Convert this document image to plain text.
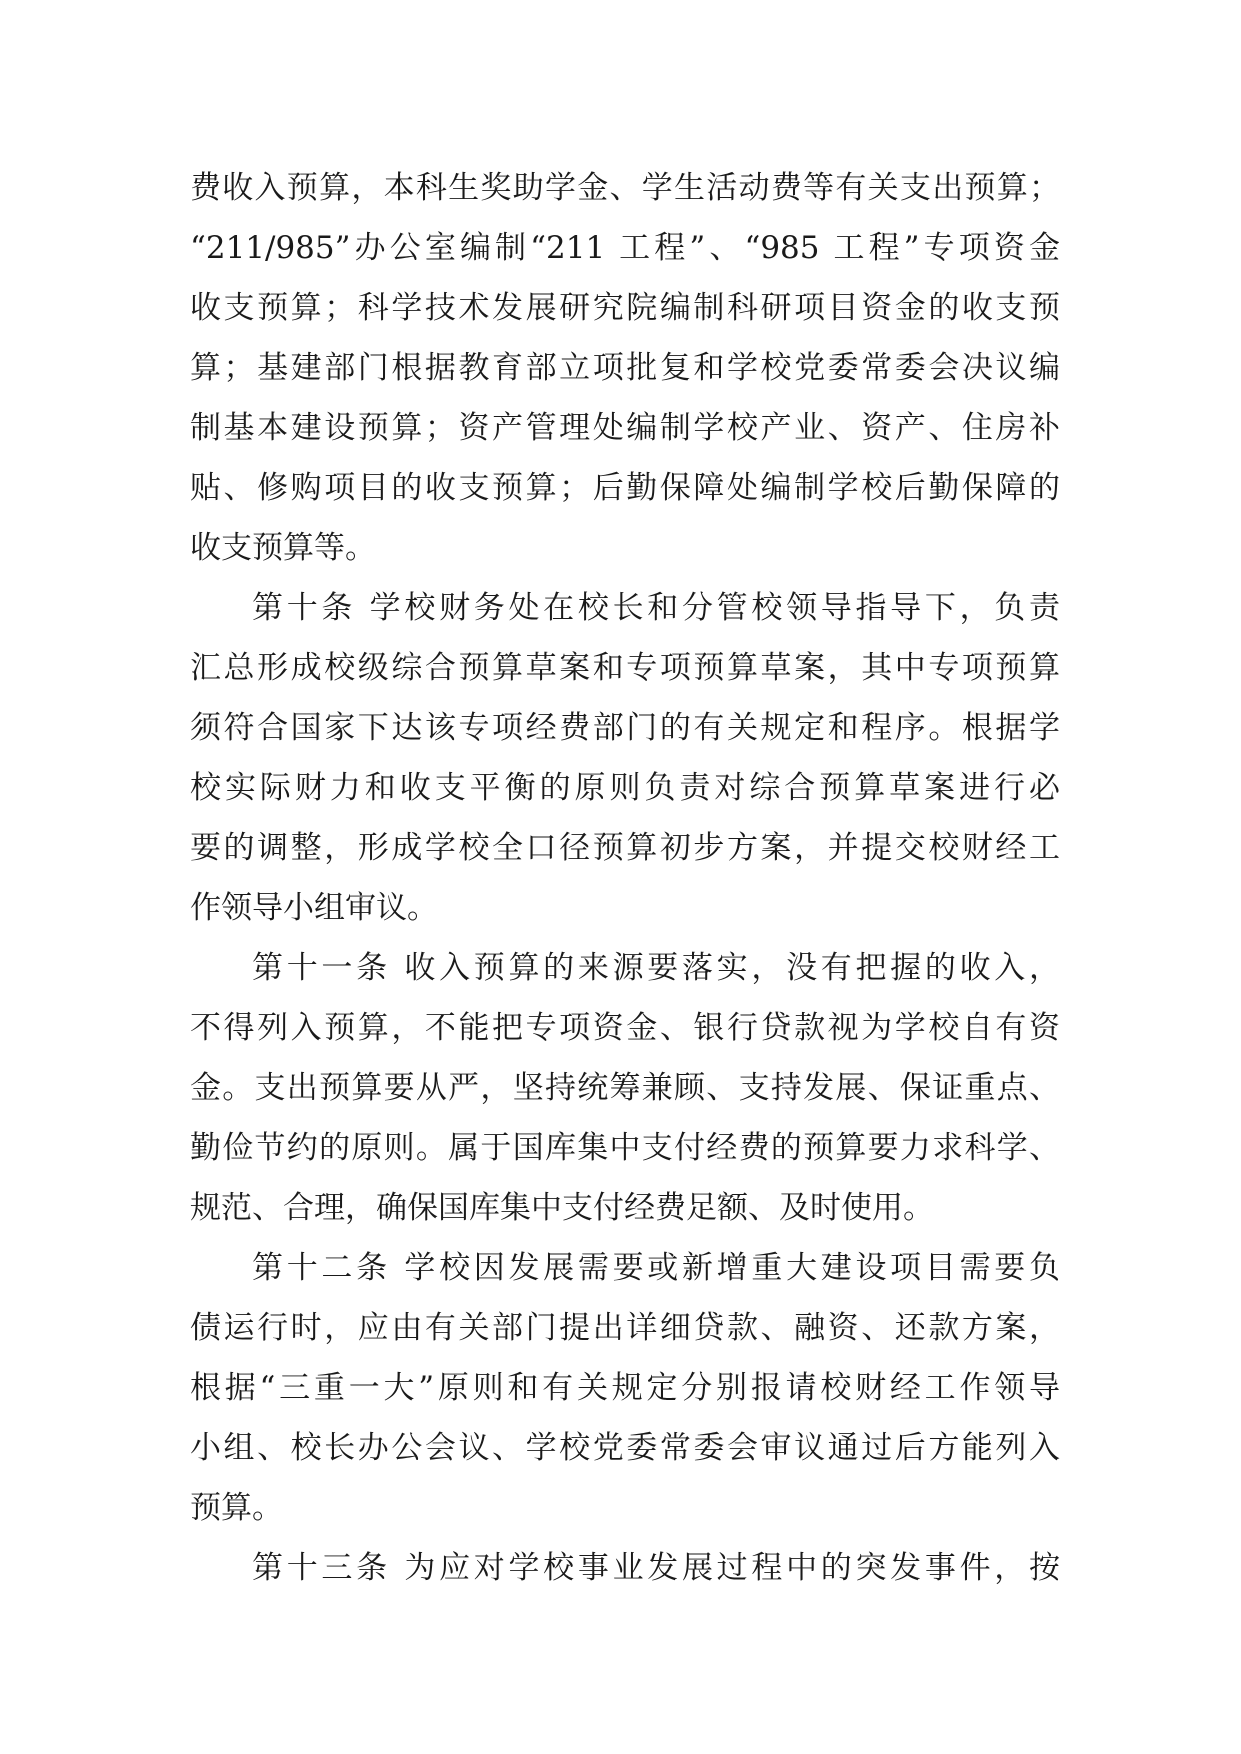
费收入预算，本科生奖助学金、学生活动费等有关支出预算；
“211/985”办公室编制“211 工程”、“985 工程”专项资金
收支预算；科学技术发展研究院编制科研项目资金的收支预
算；基建部门根据教育部立项批复和学校党委常委会决议编
制基本建设预算；资产管理处编制学校产业、资产、住房补
贴、修购项目的收支预算；后勤保障处编制学校后勤保障的
收支预算等。
第十条 学校财务处在校长和分管校领导指导下，负责
汇总形成校级综合预算草案和专项预算草案，其中专项预算
须符合国家下达该专项经费部门的有关规定和程序。根据学
校实际财力和收支平衡的原则负责对综合预算草案进行必
要的调整，形成学校全口径预算初步方案，并提交校财经工
作领导小组审议。
第十一条 收入预算的来源要落实，没有把握的收入，
不得列入预算，不能把专项资金、银行贷款视为学校自有资
金。支出预算要从严，坚持统筹兼顾、支持发展、保证重点、
勤俭节约的原则。属于国库集中支付经费的预算要力求科学、
规范、合理，确保国库集中支付经费足额、及时使用。
第十二条 学校因发展需要或新增重大建设项目需要负
债运行时，应由有关部门提出详细贷款、融资、还款方案，
根据“三重一大”原则和有关规定分别报请校财经工作领导
小组、校长办公会议、学校党委常委会审议通过后方能列入
预算。
第十三条 为应对学校事业发展过程中的突发事件，按
